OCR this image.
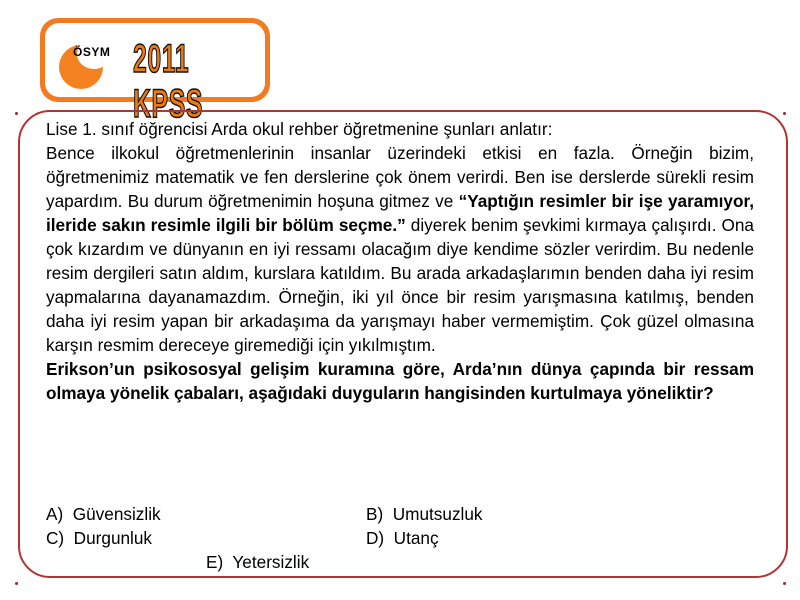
ÖSYM 2011 KPSS

Lise 1. sınıf öğrencisi Arda okul rehber öğretmenine şunları anlatır:

Bence ilkokul öğretmenlerinin insanlar üzerindeki etkisi en fazla. Örneğin bizim, öğretmenimiz matematik ve fen derslerine çok önem verirdi. Ben ise derslerde sürekli resim yapardım. Bu durum öğretmenimin hoşuna gitmez ve “Yaptığın resimler bir işe yaramıyor, ileride sakın resimle ilgili bir bölüm seçme.” diyerek benim şevkimi kırmaya çalışırdı. Ona çok kızardım ve dünyanın en iyi ressamı olacağım diye kendime sözler verirdim. Bu nedenle resim dergileri satın aldım, kurslara katıldım. Bu arada arkadaşlarımın benden daha iyi resim yapmalarına dayanamazdım. Örneğin, iki yıl önce bir resim yarışmasına katılmış, benden daha iyi resim yapan bir arkadaşıma da yarışmayı haber vermemiştim. Çok güzel olmasına karşın resmim dereceye giremediği için yıkılmıştım.

Erikson’un psikososyal gelişim kuramına göre, Arda’nın dünya çapında bir ressam olmaya yönelik çabaları, aşağıdaki duyguların hangisinden kurtulmaya yöneliktir?

A)  Güvensizlik	B)  Umutsuzluk
C)  Durgunluk	D)  Utanç
E)  Yetersizlik
